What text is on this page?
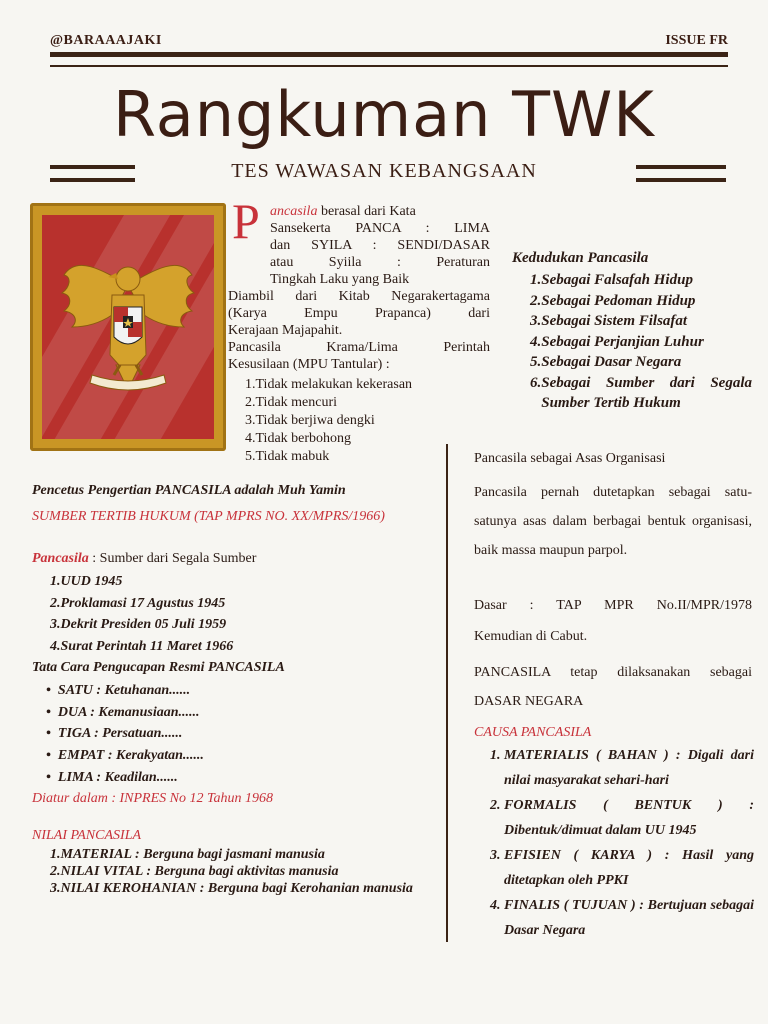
@BARAAAJAKI	ISSUE FR
Rangkuman TWK
TES WAWASAN KEBANGSAAN
P ancasila berasal dari Kata
Sansekerta PANCA : LIMA
dan SYILA : SENDI/DASAR
atau Syiila : Peraturan
Tingkah Laku yang Baik
Diambil dari Kitab Negarakertagama
(Karya Empu Prapanca) dari
Kerajaan Majapahit.
Pancasila Krama/Lima Perintah
Kesusilaan (MPU Tantular) :
1.Tidak melakukan kekerasan
2.Tidak mencuri
3.Tidak berjiwa dengki
4.Tidak berbohong
5.Tidak mabuk
Kedudukan Pancasila
1.Sebagai Falsafah Hidup
2.Sebagai Pedoman Hidup
3.Sebagai Sistem Filsafat
4.Sebagai Perjanjian Luhur
5.Sebagai Dasar Negara
6. Sebagai Sumber dari Segala Sumber Tertib Hukum
Pencetus Pengertian PANCASILA adalah Muh Yamin
SUMBER TERTIB HUKUM (TAP MPRS NO. XX/MPRS/1966)
Pancasila : Sumber dari Segala Sumber
1.UUD 1945
2.Proklamasi 17 Agustus 1945
3.Dekrit Presiden 05 Juli 1959
4.Surat Perintah 11 Maret 1966
Tata Cara Pengucapan Resmi PANCASILA
•  SATU : Ketuhanan......
•  DUA : Kemanusiaan......
•  TIGA : Persatuan......
•  EMPAT : Kerakyatan......
•  LIMA : Keadilan......
Diatur dalam : INPRES No 12 Tahun 1968
NILAI PANCASILA
1.MATERIAL : Berguna bagi jasmani manusia
2.NILAI VITAL : Berguna bagi aktivitas manusia
3. NILAI KEROHANIAN : Berguna bagi Kerohanian manusia
Pancasila sebagai Asas Organisasi
Pancasila pernah dutetapkan sebagai satu-satunya asas dalam berbagai bentuk organisasi, baik massa maupun parpol.
Dasar : TAP MPR No.II/MPR/1978
Kemudian di Cabut.
PANCASILA tetap dilaksanakan sebagai DASAR NEGARA
CAUSA PANCASILA
1. MATERIALIS ( BAHAN ) : Digali dari nilai masyarakat sehari-hari
2. FORMALIS ( BENTUK ) : Dibentuk/dimuat dalam UU 1945
3. EFISIEN ( KARYA ) : Hasil yang ditetapkan oleh PPKI
4. FINALIS ( TUJUAN ) : Bertujuan sebagai Dasar Negara
